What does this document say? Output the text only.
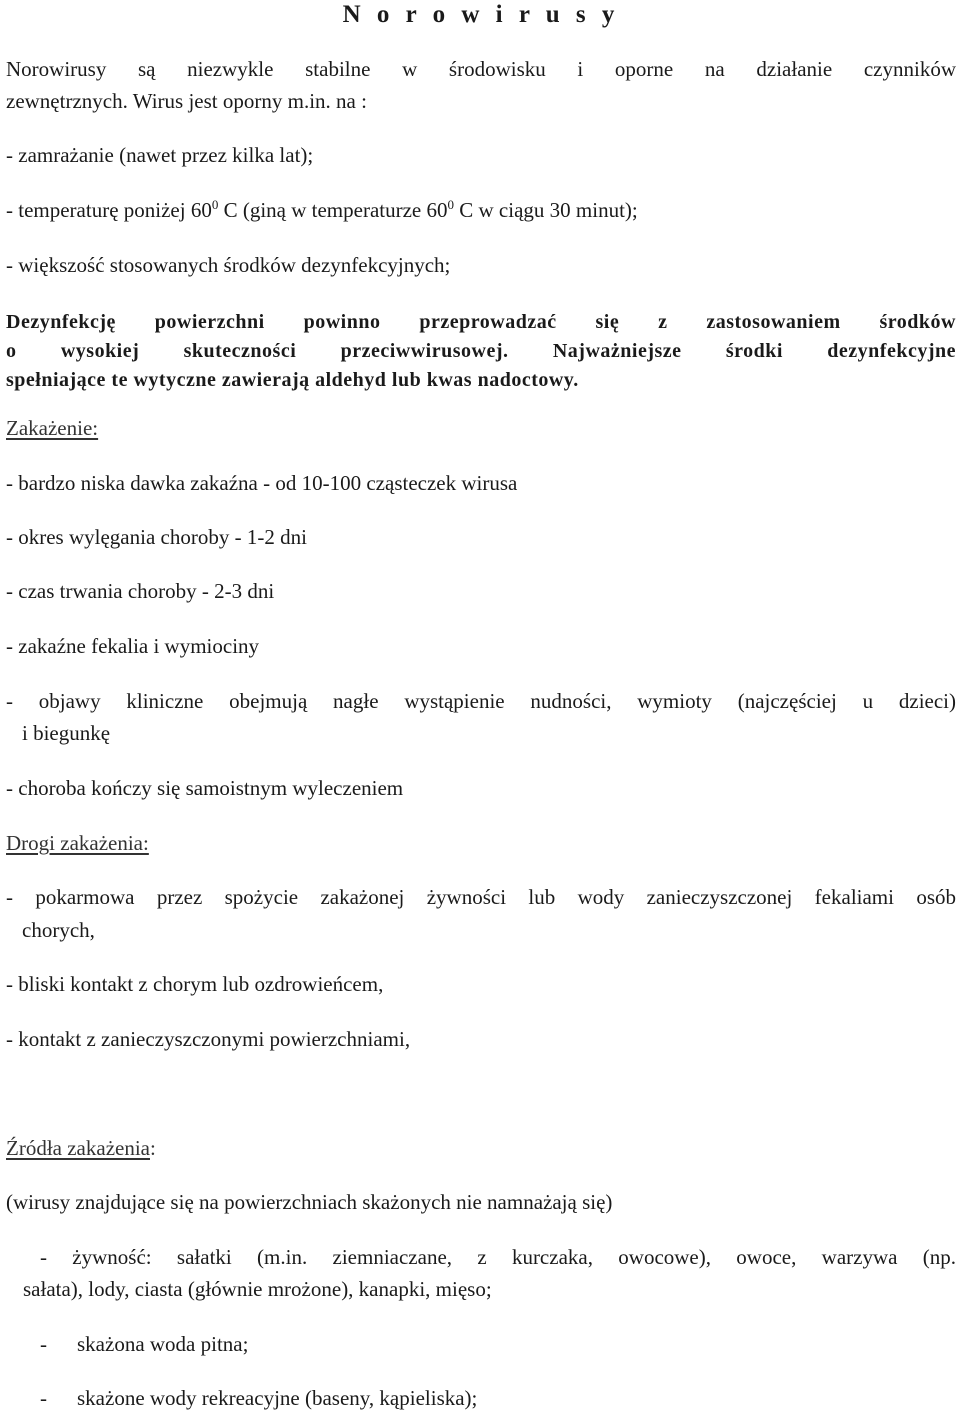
N o r o w i r u s y
Norowirusy są niezwykle stabilne w środowisku i oporne na działanie czynników
zewnętrznych. Wirus jest oporny m.in. na :
- zamrażanie (nawet przez kilka lat);
- temperaturę poniżej $60^0$ C (giną w temperaturze $60^0$ C w ciągu 30 minut);
- większość stosowanych środków dezynfekcyjnych;
Dezynfekcję powierzchni powinno przeprowadzać się z zastosowaniem środków
o wysokiej skuteczności przeciwwirusowej. Najważniejsze środki dezynfekcyjne
spełniające te wytyczne zawierają aldehyd lub kwas nadoctowy.
Zakażenie:
- bardzo niska dawka zakaźna - od 10-100 cząsteczek wirusa
- okres wylęgania choroby - 1-2 dni
- czas trwania choroby - 2-3 dni
- zakaźne fekalia i wymiociny
- objawy kliniczne obejmują nagłe wystąpienie nudności, wymioty (najczęściej u dzieci)
i biegunkę
- choroba kończy się samoistnym wyleczeniem
Drogi zakażenia:
- pokarmowa przez spożycie zakażonej żywności lub wody zanieczyszczonej fekaliami osób
chorych,
- bliski kontakt z chorym lub ozdrowieńcem,
- kontakt z zanieczyszczonymi powierzchniami,
Źródła zakażenia:
(wirusy znajdujące się na powierzchniach skażonych nie namnażają się)
- żywność: sałatki (m.in. ziemniaczane, z kurczaka, owocowe), owoce, warzywa (np.
sałata), lody, ciasta (głównie mrożone), kanapki, mięso;
- skażona woda pitna;
- skażone wody rekreacyjne (baseny, kąpieliska);
